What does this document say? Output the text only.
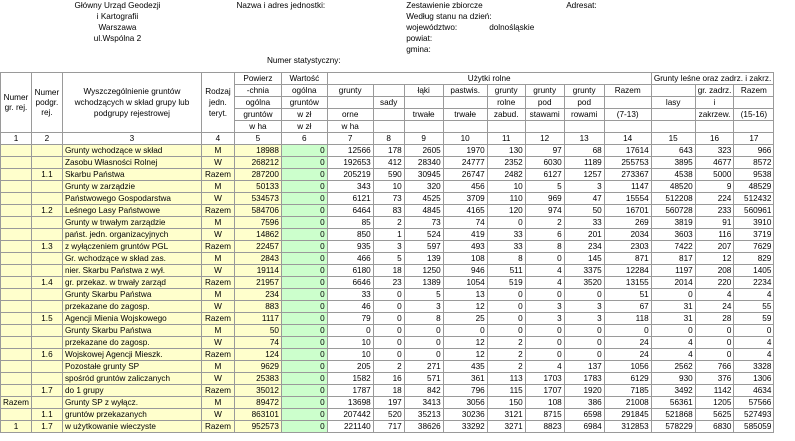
Główny Urząd Geodezji				Nazwa i adres jednostki:				Zestawienie zbiorcze				Adresat:				
i Kartografii								Według stanu na dzień:								
Warszawa								województwo:		dolnośląskie						
ul.Wspólna 2								powiat:								
								gmina:								
				Numer statystyczny:												

Numer gr. rej.	Numer podgr. rej.	Wyszczególnienie gruntów wchodzących w skład grupy lub podgrupy rejestrowej	Rodzaj jedn. teryt.	Powierz	Wartość	Użytki rolne								Grunty leśne oraz zadrz. i zakrz.		
				-chnia	ogólna	grunty		łąki	pastwis.	grunty	grunty	grunty	Razem		gr. zadrz.	Razem
				ogólna	gruntów		sady			rolne	pod	pod		lasy	i	
				gruntów	w zł	orne		trwałe	trwałe	zabud.	stawami	rowami	(7-13)		zakrzew.	(15-16)
				w ha	w zł	w ha										
1	2	3	4	5	6	7	8	9	10	11	12	13	14	15	16	17
		Grunty wchodzące w skład	M	18988	0	12566	178	2605	1970	130	97	68	17614	643	323	966
		Zasobu Własności Rolnej	W	268212	0	192653	412	28340	24777	2352	6030	1189	255753	3895	4677	8572
	1.1	Skarbu Państwa	Razem	287200	0	205219	590	30945	26747	2482	6127	1257	273367	4538	5000	9538
		Grunty w zarządzie	M	50133	0	343	10	320	456	10	5	3	1147	48520	9	48529
		Państwowego Gospodarstwa	W	534573	0	6121	73	4525	3709	110	969	47	15554	512208	224	512432
	1.2	Leśnego Lasy Państwowe	Razem	584706	0	6464	83	4845	4165	120	974	50	16701	560728	233	560961
		Grunty w trwałym zarządzie	M	7596	0	85	2	73	74	0	2	33	269	3819	91	3910
		państ. jedn. organizacyjnych	W	14862	0	850	1	524	419	33	6	201	2034	3603	116	3719
	1.3	z wyłączeniem gruntów PGL	Razem	22457	0	935	3	597	493	33	8	234	2303	7422	207	7629
		Gr. wchodzące w skład zas.	M	2843	0	466	5	139	108	8	0	145	871	817	12	829
		nier. Skarbu Państwa z wył.	W	19114	0	6180	18	1250	946	511	4	3375	12284	1197	208	1405
	1.4	gr. przekaz. w trwały zarząd	Razem	21957	0	6646	23	1389	1054	519	4	3520	13155	2014	220	2234
		Grunty Skarbu Państwa	M	234	0	33	0	5	13	0	0	0	51	0	4	4
		przekazane do zagosp.	W	883	0	46	0	3	12	0	3	3	67	31	24	55
	1.5	Agencji Mienia Wojskowego	Razem	1117	0	79	0	8	25	0	3	3	118	31	28	59
		Grunty Skarbu Państwa	M	50	0	0	0	0	0	0	0	0	0	0	0	0
		przekazane do zagosp.	W	74	0	10	0	0	12	2	0	0	24	4	0	4
	1.6	Wojskowej Agencji Mieszk.	Razem	124	0	10	0	0	12	2	0	0	24	4	0	4
		Pozostałe grunty SP	M	9629	0	205	2	271	435	2	4	137	1056	2562	766	3328
		spośród gruntów zaliczanych	W	25383	0	1582	16	571	361	113	1703	1783	6129	930	376	1306
	1.7	do 1 grupy	Razem	35012	0	1787	18	842	796	115	1707	1920	7185	3492	1142	4634
Razem		Grunty SP z wyłącz.	M	89472	0	13698	197	3413	3056	150	108	386	21008	56361	1205	57566
	1.1	gruntów przekazanych	W	863101	0	207442	520	35213	30236	3121	8715	6598	291845	521868	5625	527493
1	1.7	w użytkowanie wieczyste	Razem	952573	0	221140	717	38626	33292	3271	8823	6984	312853	578229	6830	585059
